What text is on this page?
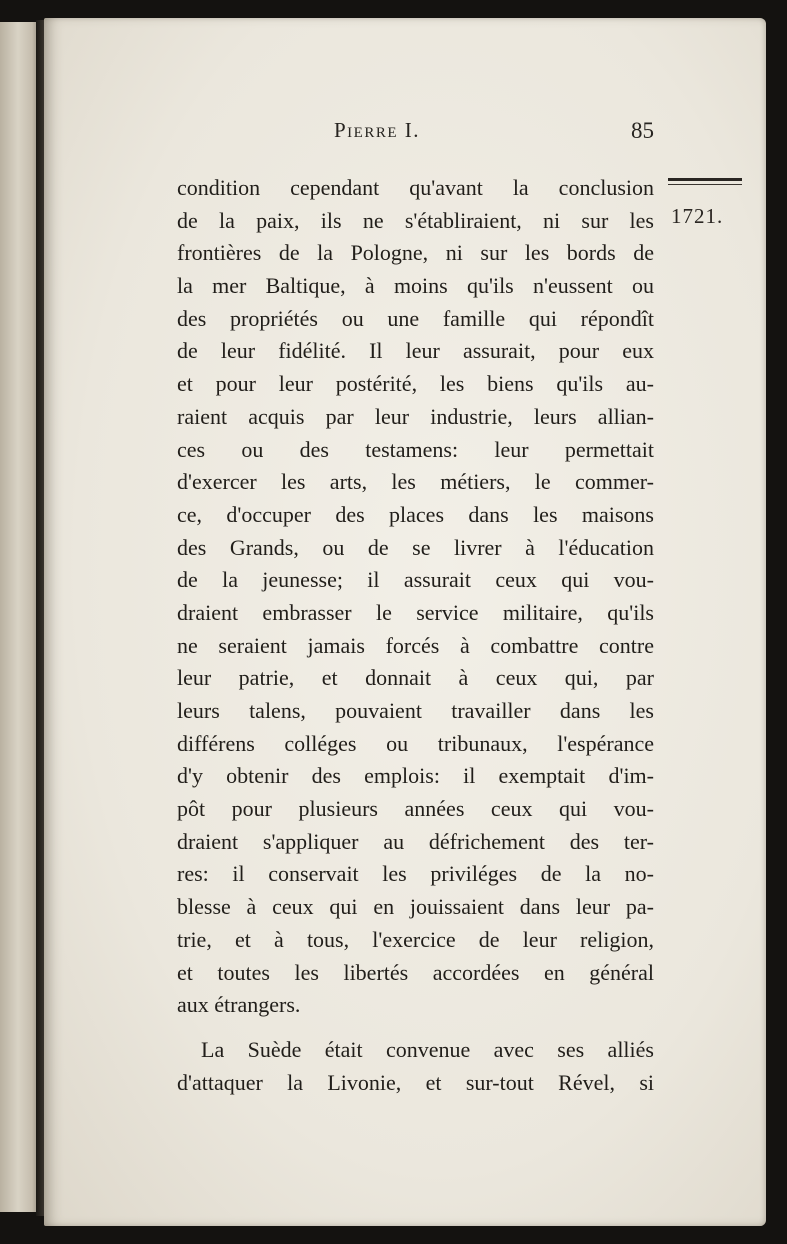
Pierre I.	85
1721.
condition cependant qu'avant la conclusion
de la paix, ils ne s'établiraient, ni sur les
frontières de la Pologne, ni sur les bords de
la mer Baltique, à moins qu'ils n'eussent ou
des propriétés ou une famille qui répondît
de leur fidélité. Il leur assurait, pour eux
et pour leur postérité, les biens qu'ils au-
raient acquis par leur industrie, leurs allian-
ces ou des testamens: leur permettait
d'exercer les arts, les métiers, le commer-
ce, d'occuper des places dans les maisons
des Grands, ou de se livrer à l'éducation
de la jeunesse; il assurait ceux qui vou-
draient embrasser le service militaire, qu'ils
ne seraient jamais forcés à combattre contre
leur patrie, et donnait à ceux qui, par
leurs talens, pouvaient travailler dans les
différens colléges ou tribunaux, l'espérance
d'y obtenir des emplois: il exemptait d'im-
pôt pour plusieurs années ceux qui vou-
draient s'appliquer au défrichement des ter-
res: il conservait les priviléges de la no-
blesse à ceux qui en jouissaient dans leur pa-
trie, et à tous, l'exercice de leur religion,
et toutes les libertés accordées en général
aux étrangers.
La Suède était convenue avec ses alliés
d'attaquer la Livonie, et sur-tout Rével, si
